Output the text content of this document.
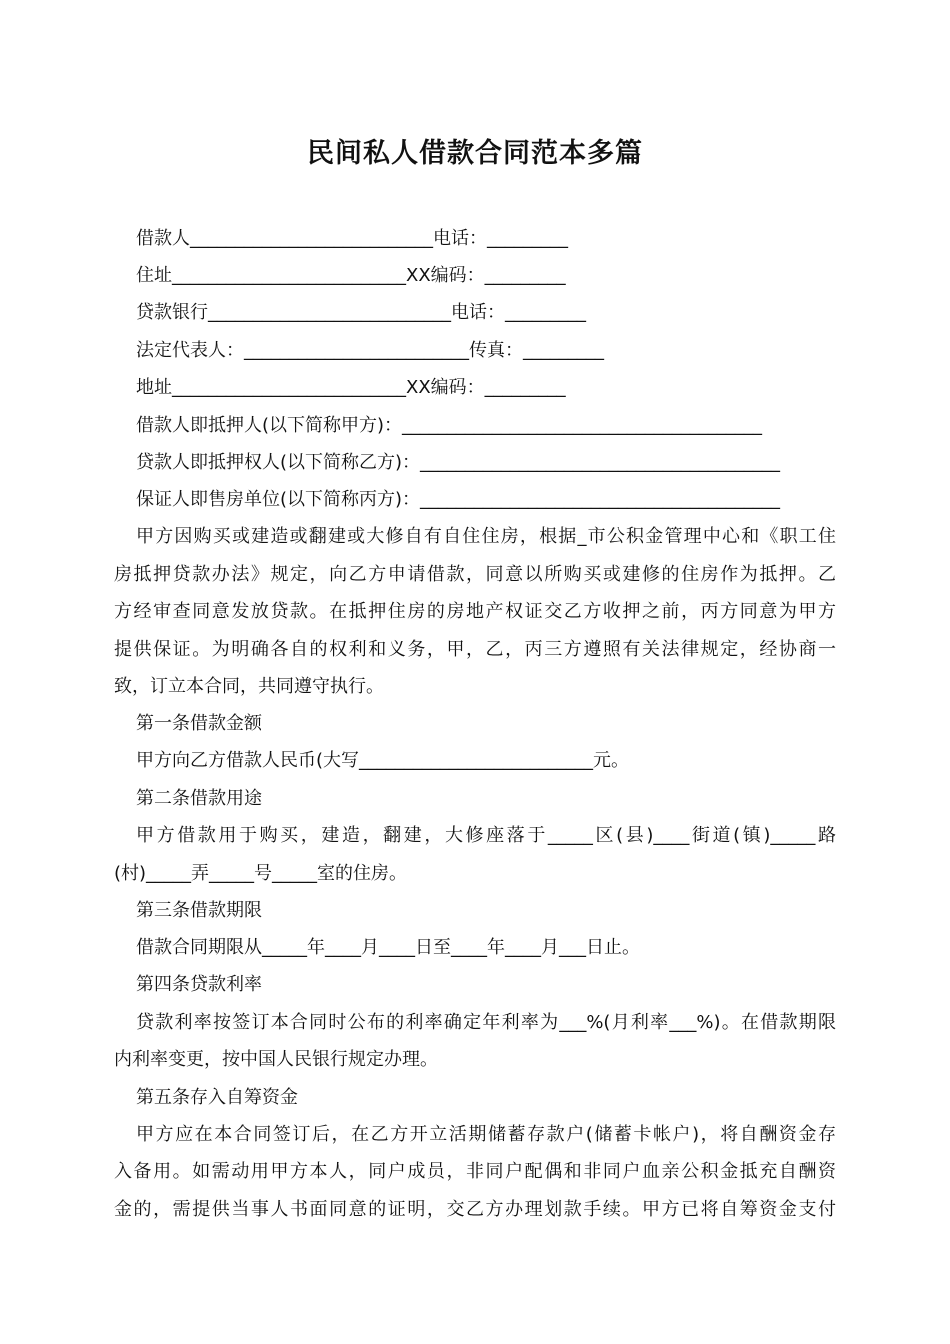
民间私人借款合同范本多篇
借款人___________________________电话：_________
住址__________________________XX编码：_________
贷款银行___________________________电话：_________
法定代表人：_________________________传真：_________
地址__________________________XX编码：_________
借款人即抵押人(以下简称甲方)：________________________________________
贷款人即抵押权人(以下简称乙方)：________________________________________
保证人即售房单位(以下简称丙方)：________________________________________
甲方因购买或建造或翻建或大修自有自住住房，根据_市公积金管理中心和《职工住
房抵押贷款办法》规定，向乙方申请借款，同意以所购买或建修的住房作为抵押。乙
方经审查同意发放贷款。在抵押住房的房地产权证交乙方收押之前，丙方同意为甲方
提供保证。为明确各自的权利和义务，甲，乙，丙三方遵照有关法律规定，经协商一
致，订立本合同，共同遵守执行。
第一条借款金额
甲方向乙方借款人民币(大写__________________________元。
第二条借款用途
甲方借款用于购买，建造，翻建，大修座落于_____区(县)____街道(镇)_____路
(村)_____弄_____号_____室的住房。
第三条借款期限
借款合同期限从_____年____月____日至____年____月___日止。
第四条贷款利率
贷款利率按签订本合同时公布的利率确定年利率为___%(月利率___%)。在借款期限
内利率变更，按中国人民银行规定办理。
第五条存入自筹资金
甲方应在本合同签订后，在乙方开立活期储蓄存款户(储蓄卡帐户)，将自酬资金存
入备用。如需动用甲方本人，同户成员，非同户配偶和非同户血亲公积金抵充自酬资
金的，需提供当事人书面同意的证明，交乙方办理划款手续。甲方已将自筹资金支付
